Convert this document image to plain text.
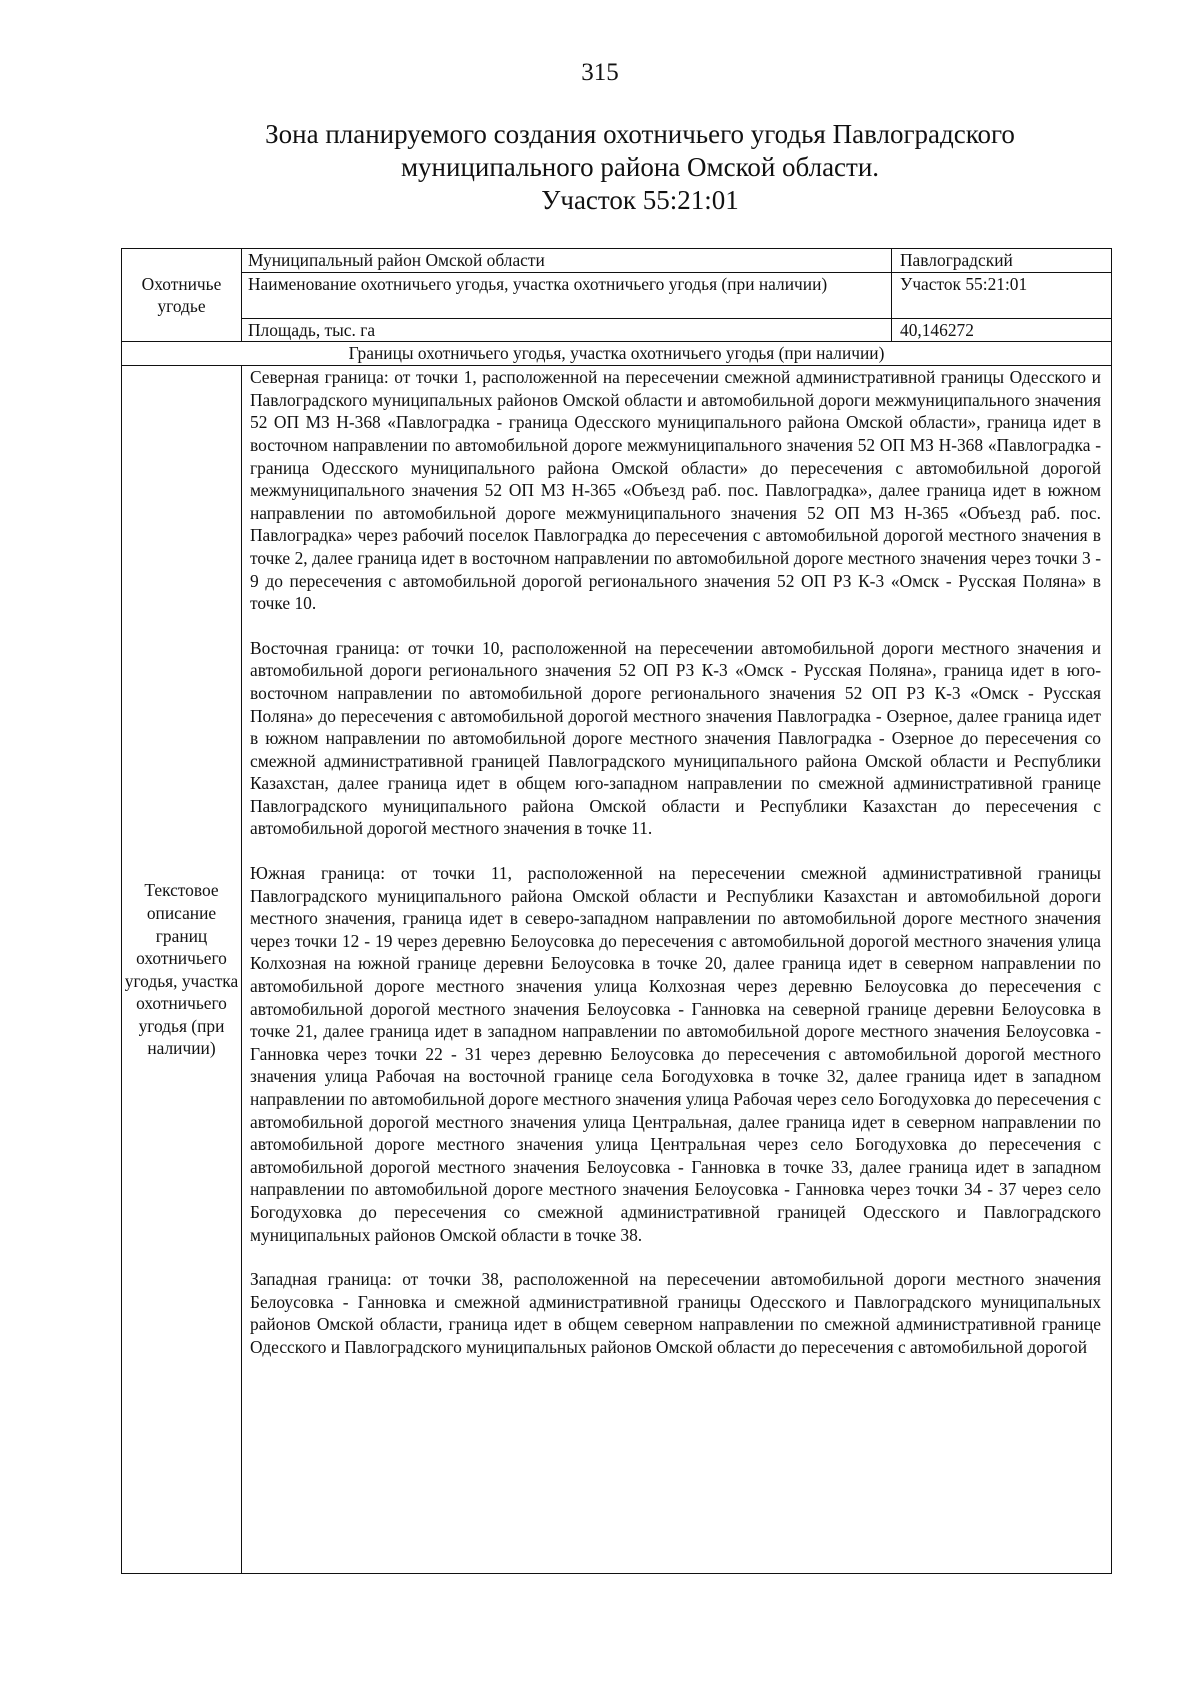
315
Зона планируемого создания охотничьего угодья Павлоградского
муниципального района Омской области.
Участок 55:21:01
Охотничье угодье	Муниципальный район Омской области	Павлоградский
	Наименование охотничьего угодья, участка охотничьего угодья (при наличии)	Участок 55:21:01
	Площадь, тыс. га	40,146272
Границы охотничьего угодья, участка охотничьего угодья (при наличии)		

Текстовое описание границ охотничьего угодья, участка охотничьего угодья (при наличии)	Северная граница: от точки 1, расположенной на пересечении смежной административной границы Одесского и Павлоградского муниципальных районов Омской области и автомобильной дороги межмуниципального значения 52 ОП МЗ Н-368 «Павлоградка - граница Одесского муниципального района Омской области», граница идет в восточном направлении по автомобильной дороге межмуниципального значения 52 ОП МЗ Н-368 «Павлоградка - граница Одесского муниципального района Омской области» до пересечения с автомобильной дорогой межмуниципального значения 52 ОП МЗ Н-365 «Объезд раб. пос. Павлоградка», далее граница идет в южном направлении по автомобильной дороге межмуниципального значения 52 ОП МЗ Н-365 «Объезд раб. пос. Павлоградка» через рабочий поселок Павлоградка до пересечения с автомобильной дорогой местного значения в точке 2, далее граница идет в восточном направлении по автомобильной дороге местного значения через точки 3 - 9 до пересечения с автомобильной дорогой регионального значения 52 ОП РЗ К-3 «Омск - Русская Поляна» в точке 10.

Восточная граница: от точки 10, расположенной на пересечении автомобильной дороги местного значения и автомобильной дороги регионального значения 52 ОП РЗ К-3 «Омск - Русская Поляна», граница идет в юго-восточном направлении по автомобильной дороге регионального значения 52 ОП РЗ К-3 «Омск - Русская Поляна» до пересечения с автомобильной дорогой местного значения Павлоградка - Озерное, далее граница идет в южном направлении по автомобильной дороге местного значения Павлоградка - Озерное до пересечения со смежной административной границей Павлоградского муниципального района Омской области и Республики Казахстан, далее граница идет в общем юго-западном направлении по смежной административной границе Павлоградского муниципального района Омской области и Республики Казахстан до пересечения с автомобильной дорогой местного значения в точке 11.

Южная граница: от точки 11, расположенной на пересечении смежной административной границы Павлоградского муниципального района Омской области и Республики Казахстан и автомобильной дороги местного значения, граница идет в северо-западном направлении по автомобильной дороге местного значения через точки 12 - 19 через деревню Белоусовка до пересечения с автомобильной дорогой местного значения улица Колхозная на южной границе деревни Белоусовка в точке 20, далее граница идет в северном направлении по автомобильной дороге местного значения улица Колхозная через деревню Белоусовка до пересечения с автомобильной дорогой местного значения Белоусовка - Ганновка на северной границе деревни Белоусовка в точке 21, далее граница идет в западном направлении по автомобильной дороге местного значения Белоусовка - Ганновка через точки 22 - 31 через деревню Белоусовка до пересечения с автомобильной дорогой местного значения улица Рабочая на восточной границе села Богодуховка в точке 32, далее граница идет в западном направлении по автомобильной дороге местного значения улица Рабочая через село Богодуховка до пересечения с автомобильной дорогой местного значения улица Центральная, далее граница идет в северном направлении по автомобильной дороге местного значения улица Центральная через село Богодуховка до пересечения с автомобильной дорогой местного значения Белоусовка - Ганновка в точке 33, далее граница идет в западном направлении по автомобильной дороге местного значения Белоусовка - Ганновка через точки 34 - 37 через село Богодуховка до пересечения со смежной административной границей Одесского и Павлоградского муниципальных районов Омской области в точке 38.

Западная граница: от точки 38, расположенной на пересечении автомобильной дороги местного значения Белоусовка - Ганновка и смежной административной границы Одесского и Павлоградского муниципальных районов Омской области, граница идет в общем северном направлении по смежной административной границе Одесского и Павлоградского муниципальных районов Омской области до пересечения с автомобильной дорогой	
